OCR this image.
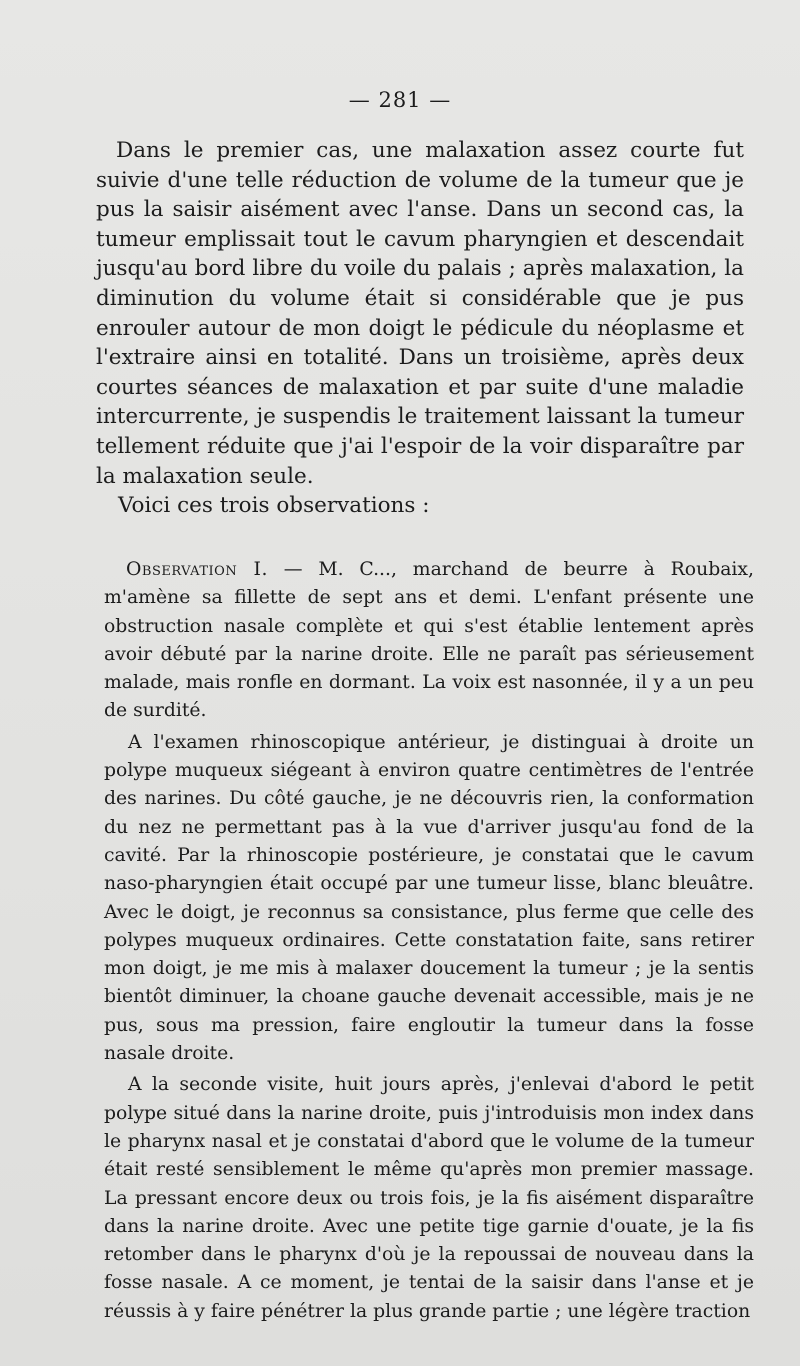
— 281 —

Dans le premier cas, une malaxation assez courte fut suivie d'une telle réduction de volume de la tumeur que je pus la saisir aisément avec l'anse. Dans un second cas, la tumeur emplissait tout le cavum pharyngien et descendait jusqu'au bord libre du voile du palais ; après malaxation, la diminution du volume était si considérable que je pus enrouler autour de mon doigt le pédicule du néoplasme et l'extraire ainsi en totalité. Dans un troisième, après deux courtes séances de malaxation et par suite d'une maladie intercurrente, je suspendis le traitement laissant la tumeur tellement réduite que j'ai l'espoir de la voir disparaître par la malaxation seule.

Voici ces trois observations :

Observation I. — M. C..., marchand de beurre à Roubaix, m'amène sa fillette de sept ans et demi. L'enfant présente une obstruction nasale complète et qui s'est établie lentement après avoir débuté par la narine droite. Elle ne paraît pas sérieusement malade, mais ronfle en dormant. La voix est nasonnée, il y a un peu de surdité.

A l'examen rhinoscopique antérieur, je distinguai à droite un polype muqueux siégeant à environ quatre centimètres de l'entrée des narines. Du côté gauche, je ne découvris rien, la conformation du nez ne permettant pas à la vue d'arriver jusqu'au fond de la cavité. Par la rhinoscopie postérieure, je constatai que le cavum naso-pharyngien était occupé par une tumeur lisse, blanc bleuâtre. Avec le doigt, je reconnus sa consistance, plus ferme que celle des polypes muqueux ordinaires. Cette constatation faite, sans retirer mon doigt, je me mis à malaxer doucement la tumeur ; je la sentis bientôt diminuer, la choane gauche devenait accessible, mais je ne pus, sous ma pression, faire engloutir la tumeur dans la fosse nasale droite.

A la seconde visite, huit jours après, j'enlevai d'abord le petit polype situé dans la narine droite, puis j'introduisis mon index dans le pharynx nasal et je constatai d'abord que le volume de la tumeur était resté sensiblement le même qu'après mon premier massage. La pressant encore deux ou trois fois, je la fis aisément disparaître dans la narine droite. Avec une petite tige garnie d'ouate, je la fis retomber dans le pharynx d'où je la repoussai de nouveau dans la fosse nasale. A ce moment, je tentai de la saisir dans l'anse et je réussis à y faire pénétrer la plus grande partie ; une légère traction
